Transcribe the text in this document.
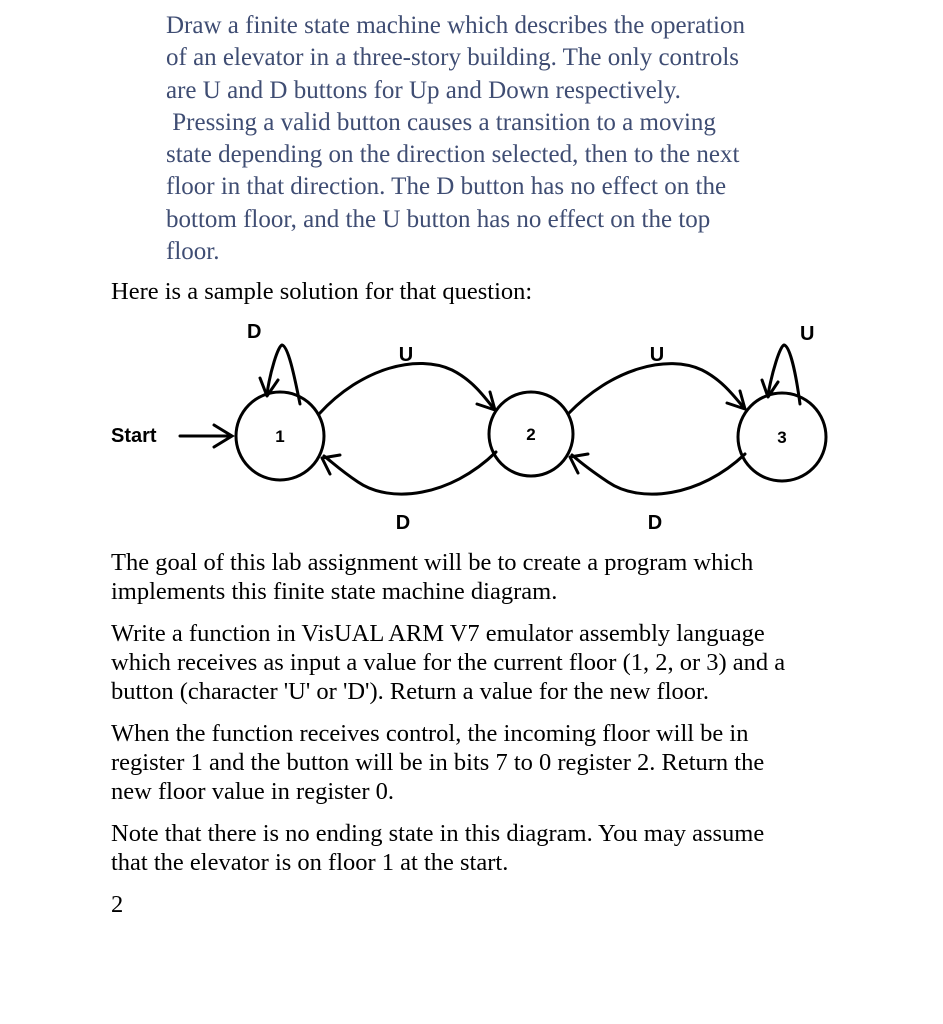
Draw a finite state machine which describes the operation
of an elevator in a three-story building. The only controls
are U and D buttons for Up and Down respectively.
Pressing a valid button causes a transition to a moving
state depending on the direction selected, then to the next
floor in that direction. The D button has no effect on the
bottom floor, and the U button has no effect on the top
floor.
Here is a sample solution for that question:
Start	1	2	3
D	U
U	U
D	D
The goal of this lab assignment will be to create a program which
implements this finite state machine diagram.
Write a function in VisUAL ARM V7 emulator assembly language
which receives as input a value for the current floor (1, 2, or 3) and a
button (character 'U' or 'D'). Return a value for the new floor.
When the function receives control, the incoming floor will be in
register 1 and the button will be in bits 7 to 0 register 2. Return the
new floor value in register 0.
Note that there is no ending state in this diagram. You may assume
that the elevator is on floor 1 at the start.
2
